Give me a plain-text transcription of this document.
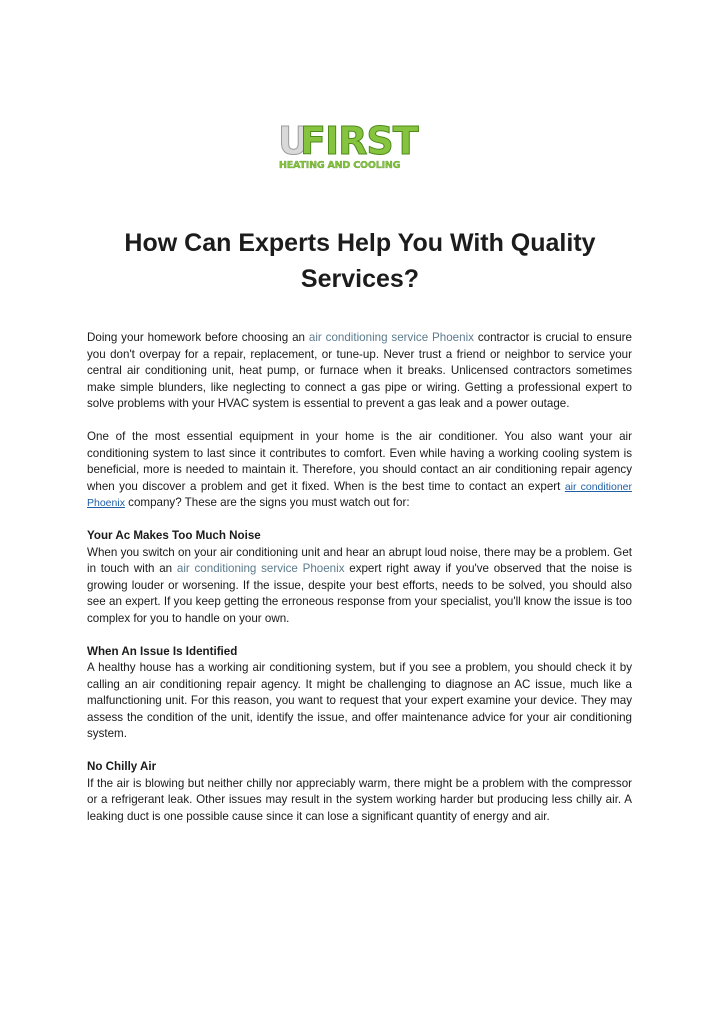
U
FIRST
HEATING AND COOLING
How Can Experts Help You With Quality Services?

Doing your homework before choosing an air conditioning service Phoenix contractor is crucial to ensure you don't overpay for a repair, replacement, or tune-up. Never trust a friend or neighbor to service your central air conditioning unit, heat pump, or furnace when it breaks. Unlicensed contractors sometimes make simple blunders, like neglecting to connect a gas pipe or wiring. Getting a professional expert to solve problems with your HVAC system is essential to prevent a gas leak and a power outage.

One of the most essential equipment in your home is the air conditioner. You also want your air conditioning system to last since it contributes to comfort. Even while having a working cooling system is beneficial, more is needed to maintain it. Therefore, you should contact an air conditioning repair agency when you discover a problem and get it fixed. When is the best time to contact an expert air conditioner Phoenix company? These are the signs you must watch out for:

Your Ac Makes Too Much Noise
When you switch on your air conditioning unit and hear an abrupt loud noise, there may be a problem. Get in touch with an air conditioning service Phoenix expert right away if you've observed that the noise is growing louder or worsening. If the issue, despite your best efforts, needs to be solved, you should also see an expert. If you keep getting the erroneous response from your specialist, you'll know the issue is too complex for you to handle on your own.

When An Issue Is Identified
A healthy house has a working air conditioning system, but if you see a problem, you should check it by calling an air conditioning repair agency. It might be challenging to diagnose an AC issue, much like a malfunctioning unit. For this reason, you want to request that your expert examine your device. They may assess the condition of the unit, identify the issue, and offer maintenance advice for your air conditioning system.

No Chilly Air
If the air is blowing but neither chilly nor appreciably warm, there might be a problem with the compressor or a refrigerant leak. Other issues may result in the system working harder but producing less chilly air. A leaking duct is one possible cause since it can lose a significant quantity of energy and air.
